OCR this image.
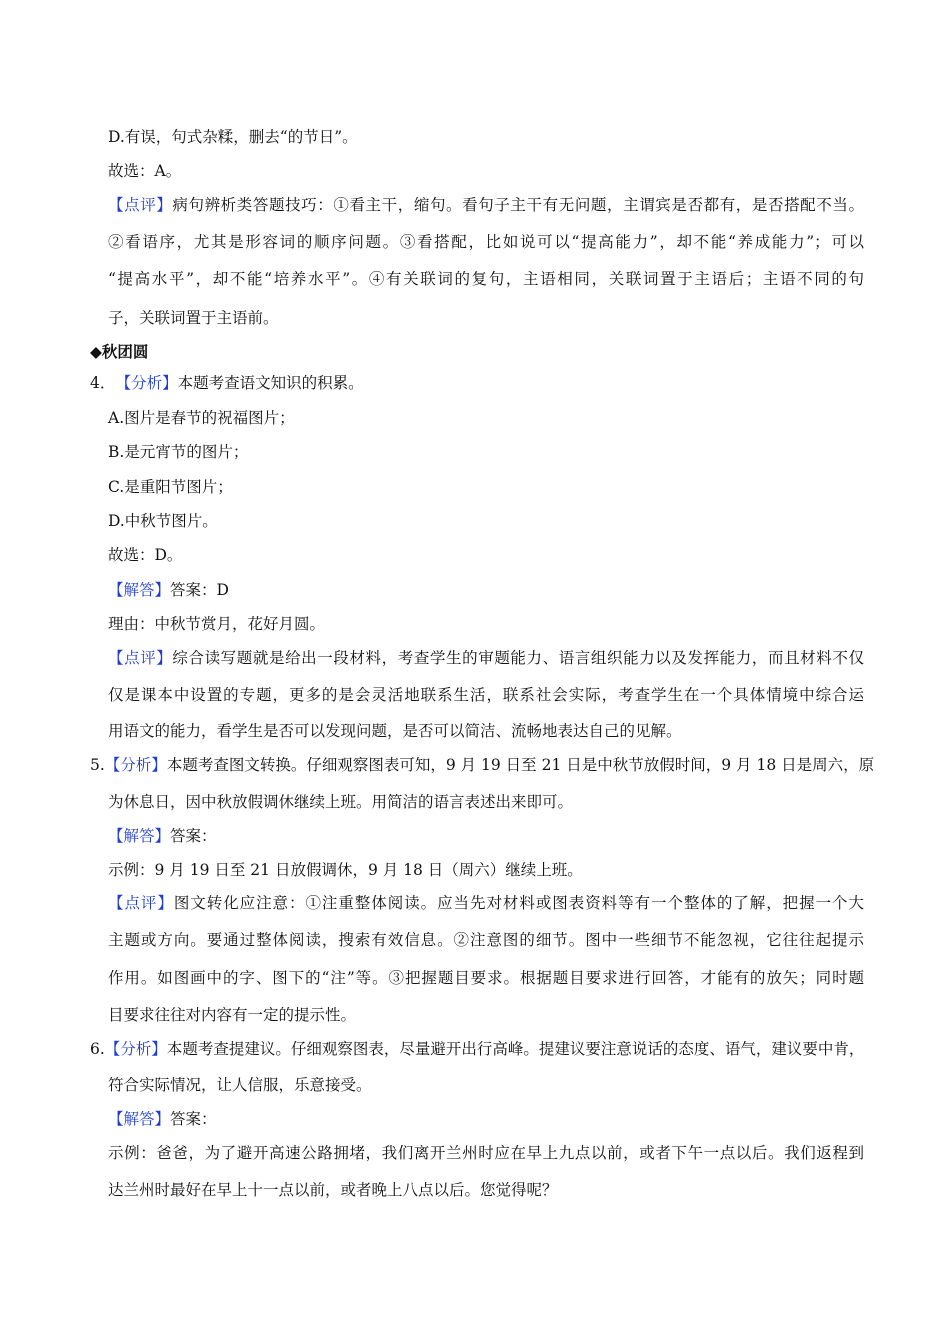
D.有误，句式杂糅，删去“的节日”。
故选：A。
【点评】病句辨析类答题技巧：①看主干，缩句。看句子主干有无问题，主谓宾是否都有，是否搭配不当。
②看语序，尤其是形容词的顺序问题。③看搭配，比如说可以“提高能力”，却不能“养成能力”；可以
“提高水平”，却不能“培养水平”。④有关联词的复句，主语相同，关联词置于主语后；主语不同的句
子，关联词置于主语前。
◆秋团圆
4． 【分析】本题考查语文知识的积累。
A.图片是春节的祝福图片；
B.是元宵节的图片；
C.是重阳节图片；
D.中秋节图片。
故选：D。
【解答】答案：D
理由：中秋节赏月，花好月圆。
【点评】综合读写题就是给出一段材料，考查学生的审题能力、语言组织能力以及发挥能力，而且材料不仅
仅是课本中设置的专题，更多的是会灵活地联系生活，联系社会实际，考查学生在一个具体情境中综合运
用语文的能力，看学生是否可以发现问题，是否可以简洁、流畅地表达自己的见解。
5.【分析】本题考查图文转换。仔细观察图表可知，9 月 19 日至 21 日是中秋节放假时间，9 月 18 日是周六，原
为休息日，因中秋放假调休继续上班。用简洁的语言表述出来即可。
【解答】答案：
示例：9 月 19 日至 21 日放假调休，9 月 18 日（周六）继续上班。
【点评】图文转化应注意：①注重整体阅读。应当先对材料或图表资料等有一个整体的了解，把握一个大
主题或方向。要通过整体阅读，搜索有效信息。②注意图的细节。图中一些细节不能忽视，它往往起提示
作用。如图画中的字、图下的“注”等。③把握题目要求。根据题目要求进行回答，才能有的放矢；同时题
目要求往往对内容有一定的提示性。
6.【分析】本题考查提建议。仔细观察图表，尽量避开出行高峰。提建议要注意说话的态度、语气，建议要中肯，
符合实际情况，让人信服，乐意接受。
【解答】答案：
示例：爸爸，为了避开高速公路拥堵，我们离开兰州时应在早上九点以前，或者下午一点以后。我们返程到
达兰州时最好在早上十一点以前，或者晚上八点以后。您觉得呢？
